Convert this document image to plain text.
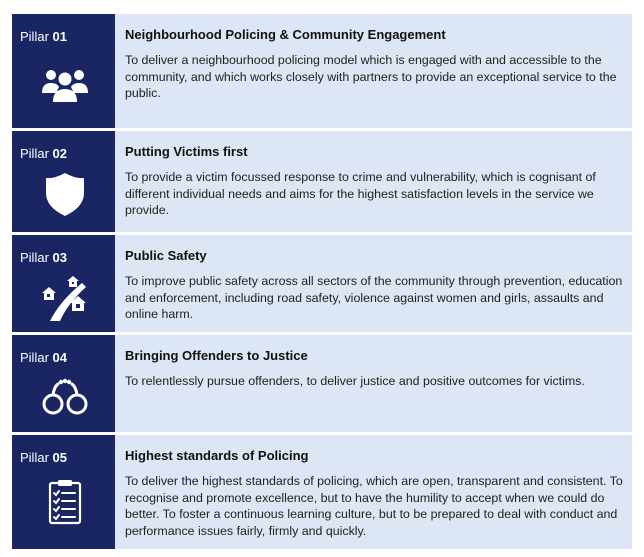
Pillar 01	Neighbourhood Policing & Community Engagement
To deliver a neighbourhood policing model which is engaged with and accessible to the community, and which works closely with partners to provide an exceptional service to the public.
Pillar 02	Putting Victims first
To provide a victim focussed response to crime and vulnerability, which is cognisant of different individual needs and aims for the highest satisfaction levels in the service we provide.
Pillar 03	Public Safety
To improve public safety across all sectors of the community through prevention, education and enforcement, including road safety, violence against women and girls, assaults and online harm.
Pillar 04	Bringing Offenders to Justice
To relentlessly pursue offenders, to deliver justice and positive outcomes for victims.
Pillar 05	Highest standards of Policing
To deliver the highest standards of policing, which are open, transparent and consistent. To recognise and promote excellence, but to have the humility to accept when we could do better. To foster a continuous learning culture, but to be prepared to deal with conduct and performance issues fairly, firmly and quickly.
